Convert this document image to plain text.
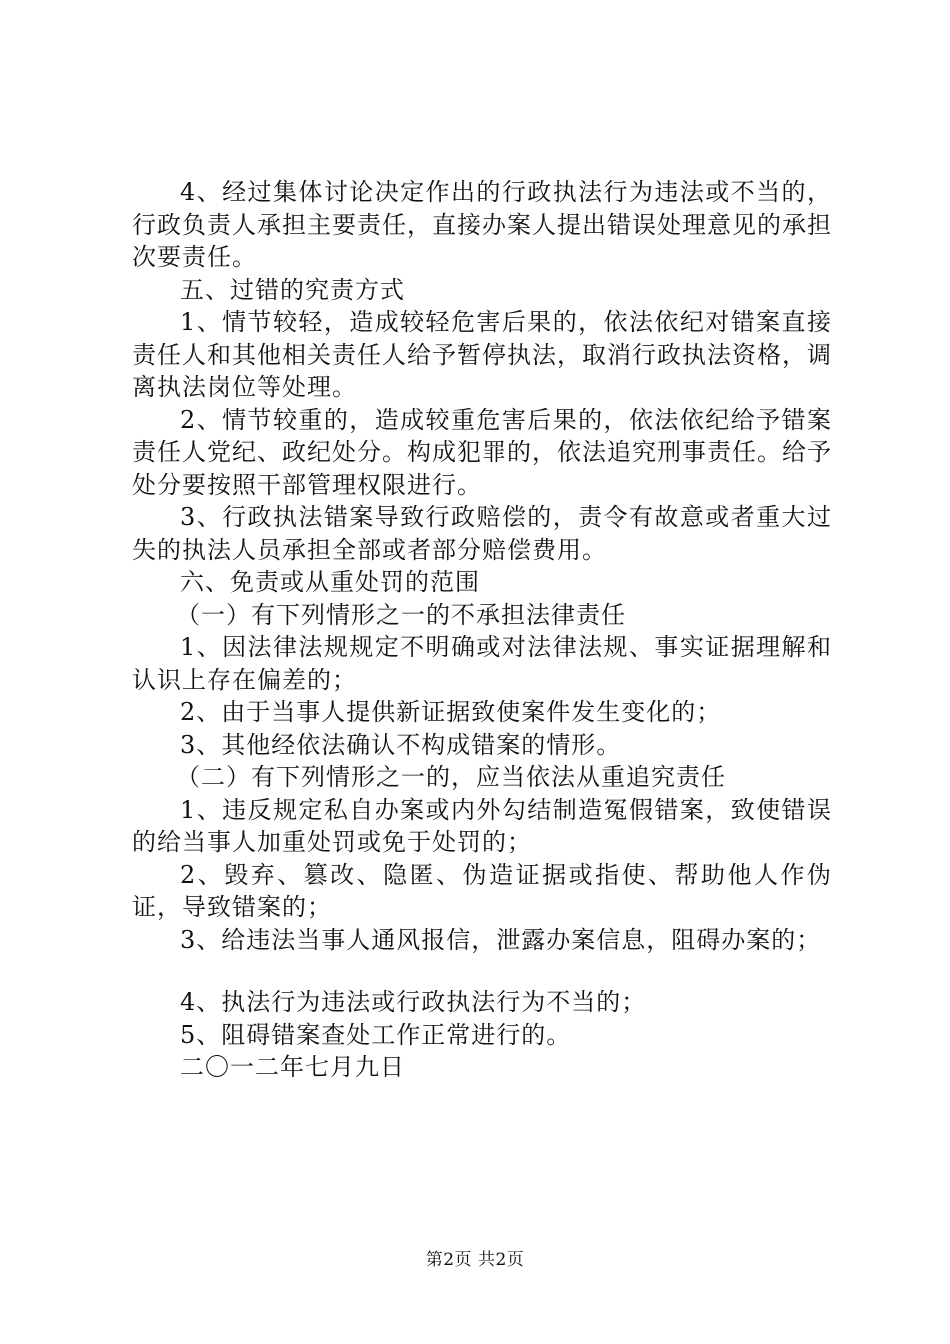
4、经过集体讨论决定作出的行政执法行为违法或不当的，行政负责人承担主要责任，直接办案人提出错误处理意见的承担次要责任。

五、过错的究责方式

1、情节较轻，造成较轻危害后果的，依法依纪对错案直接责任人和其他相关责任人给予暂停执法，取消行政执法资格，调离执法岗位等处理。

2、情节较重的，造成较重危害后果的，依法依纪给予错案责任人党纪、政纪处分。构成犯罪的，依法追究刑事责任。给予处分要按照干部管理权限进行。

3、行政执法错案导致行政赔偿的，责令有故意或者重大过失的执法人员承担全部或者部分赔偿费用。

六、免责或从重处罚的范围

（一）有下列情形之一的不承担法律责任

1、因法律法规规定不明确或对法律法规、事实证据理解和认识上存在偏差的；

2、由于当事人提供新证据致使案件发生变化的；

3、其他经依法确认不构成错案的情形。

（二）有下列情形之一的，应当依法从重追究责任

1、违反规定私自办案或内外勾结制造冤假错案，致使错误的给当事人加重处罚或免于处罚的；

2、毁弃、篡改、隐匿、伪造证据或指使、帮助他人作伪证，导致错案的；

3、给违法当事人通风报信，泄露办案信息，阻碍办案的；

4、执法行为违法或行政执法行为不当的；

5、阻碍错案查处工作正常进行的。

二〇一二年七月九日

第2页 共2页
